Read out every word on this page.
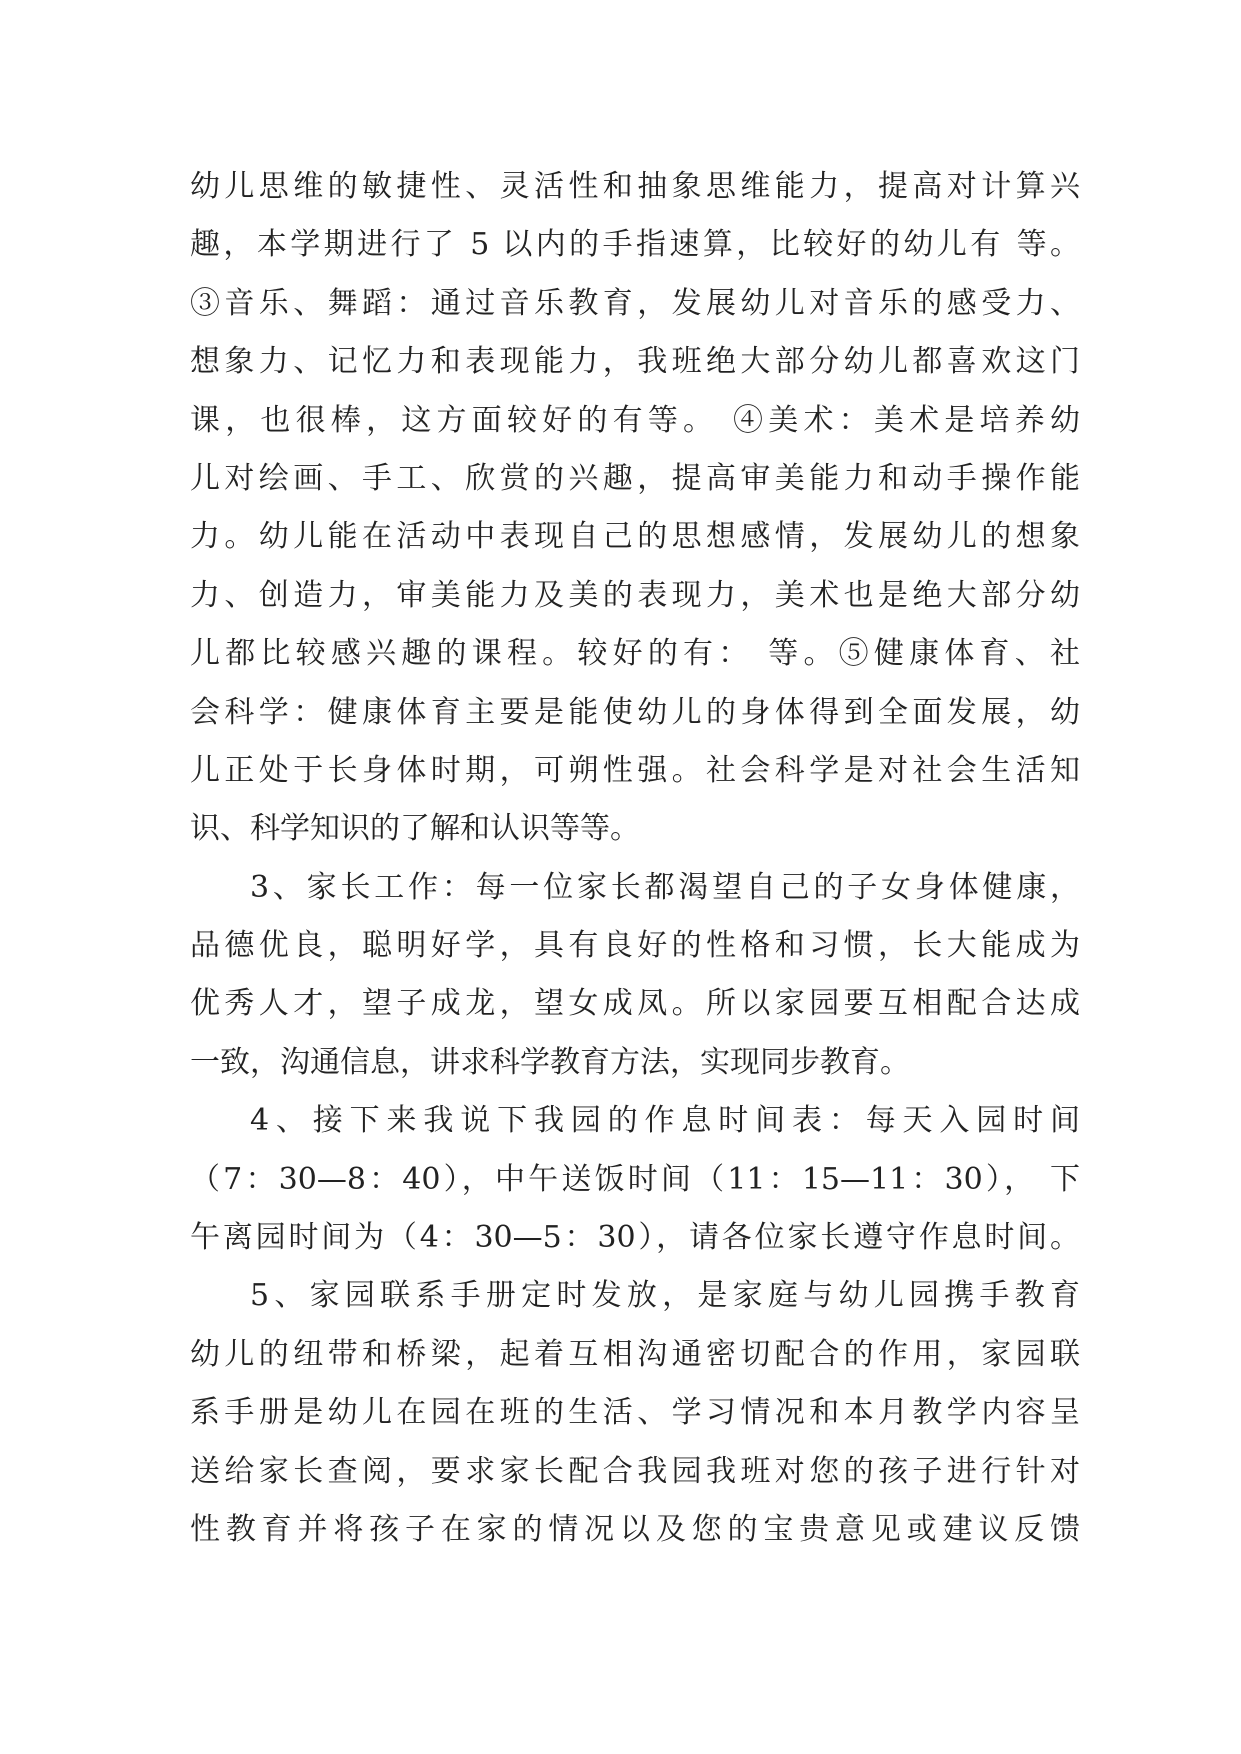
幼儿思维的敏捷性、灵活性和抽象思维能力，提高对计算兴
趣，本学期进行了 5 以内的手指速算，比较好的幼儿有 等。
③音乐、舞蹈：通过音乐教育，发展幼儿对音乐的感受力、
想象力、记忆力和表现能力，我班绝大部分幼儿都喜欢这门
课，也很棒，这方面较好的有等。 ④美术：美术是培养幼
儿对绘画、手工、欣赏的兴趣，提高审美能力和动手操作能
力。幼儿能在活动中表现自己的思想感情，发展幼儿的想象
力、创造力，审美能力及美的表现力，美术也是绝大部分幼
儿都比较感兴趣的课程。较好的有： 等。⑤健康体育、社
会科学：健康体育主要是能使幼儿的身体得到全面发展，幼
儿正处于长身体时期，可朔性强。社会科学是对社会生活知
识、科学知识的了解和认识等等。
3、家长工作：每一位家长都渴望自己的子女身体健康，
品德优良，聪明好学，具有良好的性格和习惯，长大能成为
优秀人才，望子成龙，望女成凤。所以家园要互相配合达成
一致，沟通信息，讲求科学教育方法，实现同步教育。
4、接下来我说下我园的作息时间表：每天入园时间
（7：30—8：40），中午送饭时间（11：15—11：30）， 下
午离园时间为（4：30—5：30），请各位家长遵守作息时间。
5、家园联系手册定时发放，是家庭与幼儿园携手教育
幼儿的纽带和桥梁，起着互相沟通密切配合的作用，家园联
系手册是幼儿在园在班的生活、学习情况和本月教学内容呈
送给家长查阅，要求家长配合我园我班对您的孩子进行针对
性教育并将孩子在家的情况以及您的宝贵意见或建议反馈
